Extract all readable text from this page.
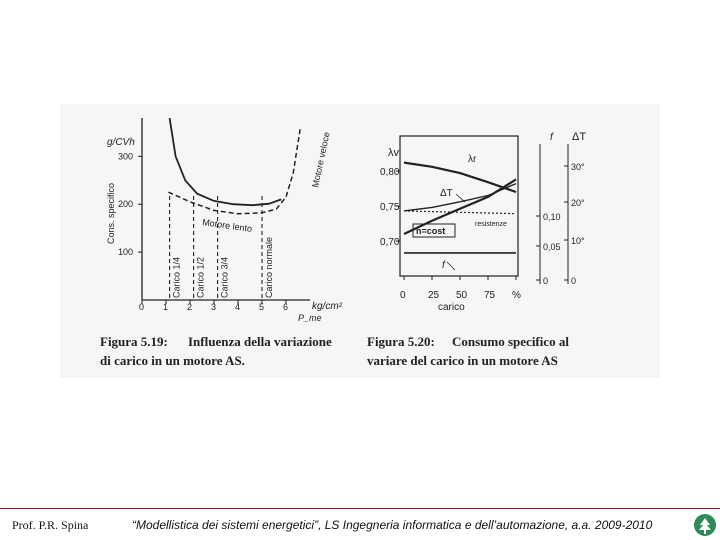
g/CVh
Cons. specifico
100
200
300
0 1 2 3 4 5 6 kg/cm²
P_me
Carico 1/4 Carico 1/2 Carico 3/4	Carico normale
Motore lento
Motore veloce
Figura 5.19: Influenza della variazione
di carico in un motore AS.
λv
f ΔT
0,70
0,75
0,80
0 25 50 75 %
0
0,05
0,10
0
10°
20°
30°
carico
λr
ΔT
resistenze
n=cost
f
Figura 5.20: Consumo specifico al
variare del carico in un motore AS
Prof. P.R. Spina	“Modellistica dei sistemi energetici”, LS Ingegneria informatica e dell’automazione, a.a. 2009-2010
